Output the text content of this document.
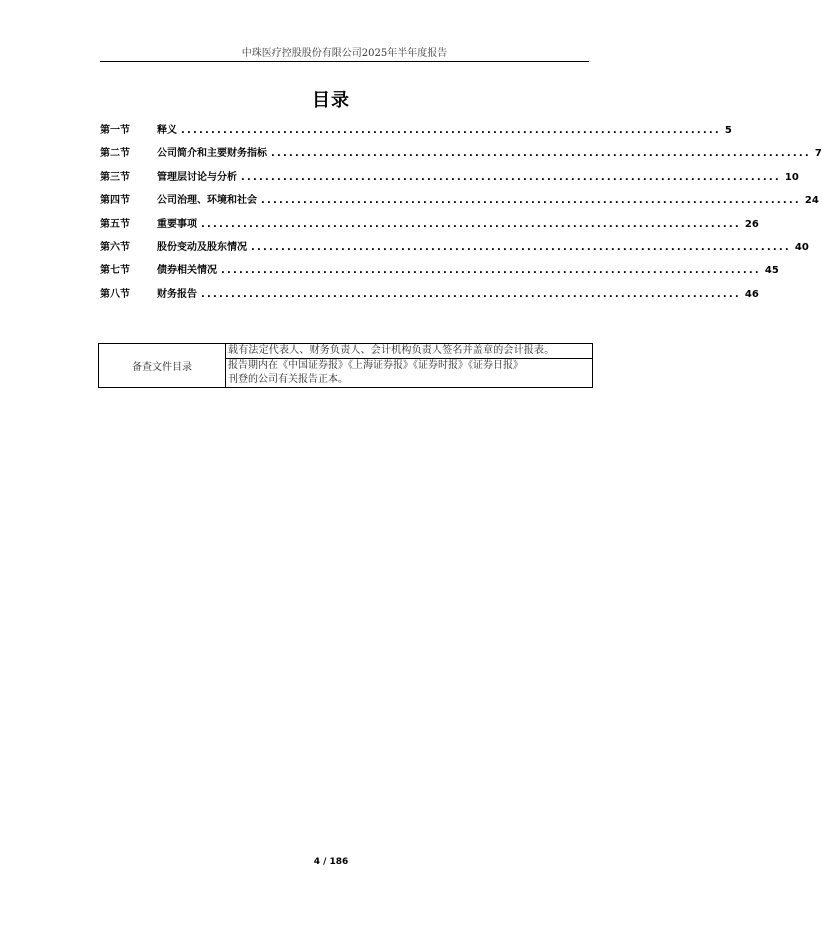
中珠医疗控股股份有限公司2025年半年度报告
目录
第一节	释义 .......................................................................................... 5
第二节	公司简介和主要财务指标 .......................................................................................... 7
第三节	管理层讨论与分析 .......................................................................................... 10
第四节	公司治理、环境和社会 .......................................................................................... 24
第五节	重要事项 .......................................................................................... 26
第六节	股份变动及股东情况 .......................................................................................... 40
第七节	债券相关情况 .......................................................................................... 45
第八节	财务报告 .......................................................................................... 46
备查文件目录	载有法定代表人、财务负责人、会计机构负责人签名并盖章的会计报表。

报告期内在《中国证券报》《上海证券报》《证券时报》《证券日报》
刊登的公司有关报告正本。
4 / 186
